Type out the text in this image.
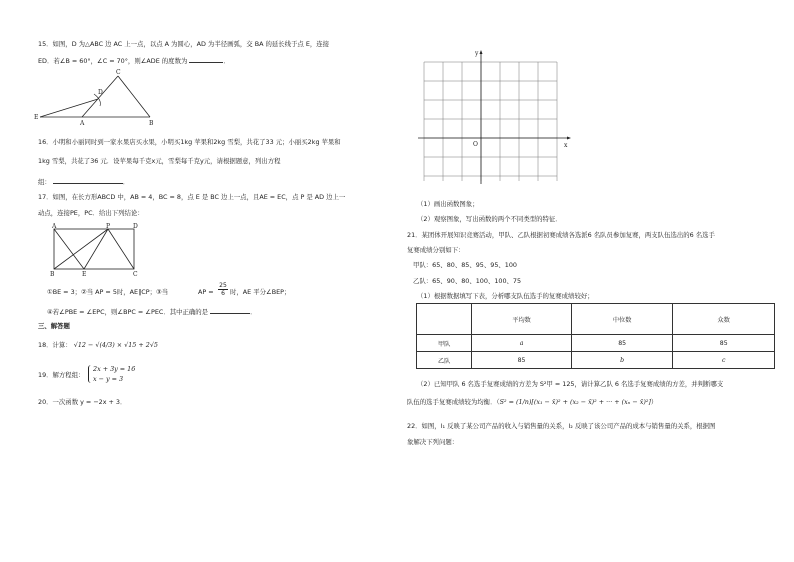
15．如图，D 为△ABC 边 AC 上一点，以点 A 为圆心，AD 为半径画弧，交 BA 的延长线于点 E，连接
ED．若∠B = 60°，∠C = 70°，则∠ADE 的度数为	．
C
D
E
A	B
16．小明和小丽同时到一家水果店买水果，小明买1kg 苹果和2kg 雪梨，共花了33 元；小丽买2kg 苹果和
1kg 雪梨，共花了36 元．设苹果每千克x元，雪梨每千克y元，请根据题意，列出方程
组：	．
17．如图，在长方形ABCD 中，AB = 4，BC = 8，点 E 是 BC 边上一点，且AE = EC，点 P 是 AD 边上一
动点，连接PE，PC．给出下列结论：
A	P	D
B	E	C
①BE = 3；②当 AP = 5时，AE∥CP；③当	AP = $\frac{25}{6}$ 时，AE 平分∠BEP；
④若∠PBE = ∠EPC，则∠BPC = ∠PEC．其中正确的是	．
三、解答题
18．计算： √12 − √(4/3) × √15 + 2√5
19．解方程组：
2x + 3y = 16
x − y = 3
20．一次函数 y = −2x + 3．
y
x
O
（1）画出函数图象；
（2）观察图象，写出函数的两个不同类型的特征．
21．某团体开展知识竞赛活动，甲队、乙队根据初赛成绩各选派6 名队员参加复赛，两支队伍选出的6 名选手
复赛成绩分别如下：
甲队：65、80、85、95、95、100
乙队：65、90、80、100、100、75
（1）根据数据填写下表，分析哪支队伍选手的复赛成绩较好；
	平均数	中位数	众数
甲队	a	85	85
乙队	85	b	c
（2）已知甲队 6 名选手复赛成绩的方差为 S²甲 = 125，请计算乙队 6 名选手复赛成绩的方差，并判断哪支
队伍的选手复赛成绩较为均衡．（S² = (1/n)[(x₁ − x̄)² + (x₂ − x̄)² + ··· + (xₙ − x̄)²]）
22．如图，l₁ 反映了某公司产品的收入与销售量的关系，l₂ 反映了该公司产品的成本与销售量的关系，根据图
象解决下列问题：
